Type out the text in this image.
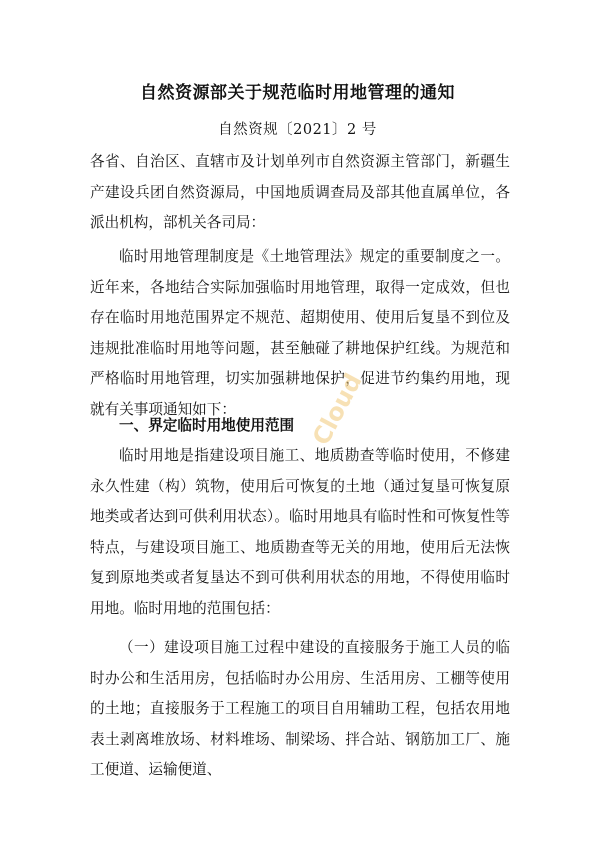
自然资源部关于规范临时用地管理的通知
自然资规〔2021〕2 号

各省、自治区、直辖市及计划单列市自然资源主管部门，新疆生产建设兵团自然资源局，中国地质调查局及部其他直属单位，各派出机构，部机关各司局：

临时用地管理制度是《土地管理法》规定的重要制度之一。近年来，各地结合实际加强临时用地管理，取得一定成效，但也存在临时用地范围界定不规范、超期使用、使用后复垦不到位及违规批准临时用地等问题，甚至触碰了耕地保护红线。为规范和严格临时用地管理，切实加强耕地保护，促进节约集约用地，现就有关事项通知如下：

一、界定临时用地使用范围

临时用地是指建设项目施工、地质勘查等临时使用，不修建永久性建（构）筑物，使用后可恢复的土地（通过复垦可恢复原地类或者达到可供利用状态）。临时用地具有临时性和可恢复性等特点，与建设项目施工、地质勘查等无关的用地，使用后无法恢复到原地类或者复垦达不到可供利用状态的用地，不得使用临时用地。临时用地的范围包括：

（一）建设项目施工过程中建设的直接服务于施工人员的临时办公和生活用房，包括临时办公用房、生活用房、工棚等使用的土地；直接服务于工程施工的项目自用辅助工程，包括农用地表土剥离堆放场、材料堆场、制梁场、拌合站、钢筋加工厂、施工便道、运输便道、

Cloud
